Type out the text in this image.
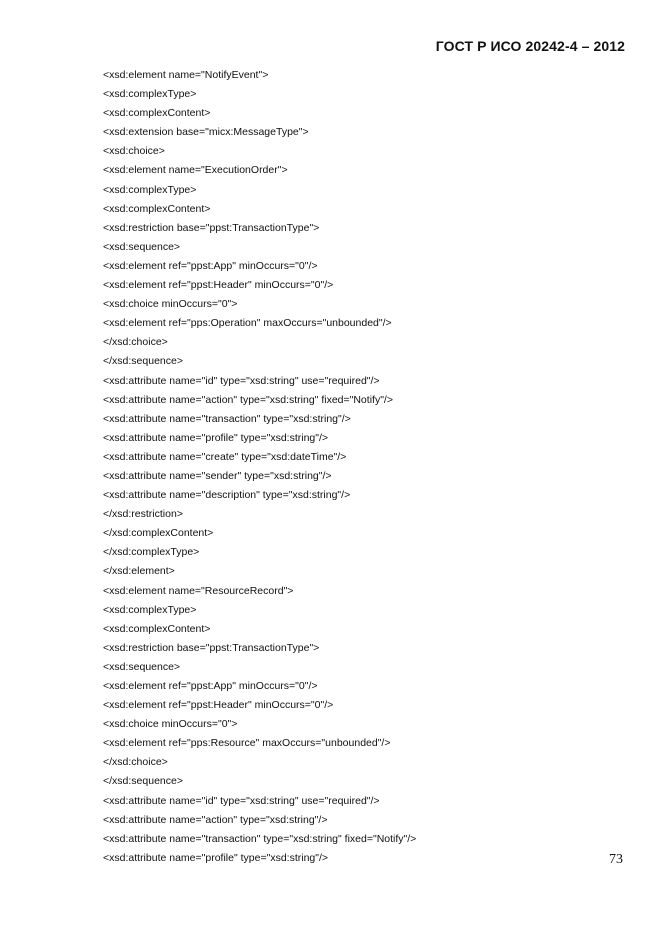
ГОСТ Р ИСО 20242-4 – 2012
<xsd:element name="NotifyEvent">
<xsd:complexType>
<xsd:complexContent>
<xsd:extension base="micx:MessageType">
<xsd:choice>
<xsd:element name="ExecutionOrder">
<xsd:complexType>
<xsd:complexContent>
<xsd:restriction base="ppst:TransactionType">
<xsd:sequence>
<xsd:element ref="ppst:App" minOccurs="0"/>
<xsd:element ref="ppst:Header" minOccurs="0"/>
<xsd:choice minOccurs="0">
<xsd:element ref="pps:Operation" maxOccurs="unbounded"/>
</xsd:choice>
</xsd:sequence>
<xsd:attribute name="id" type="xsd:string" use="required"/>
<xsd:attribute name="action" type="xsd:string" fixed="Notify"/>
<xsd:attribute name="transaction" type="xsd:string"/>
<xsd:attribute name="profile" type="xsd:string"/>
<xsd:attribute name="create" type="xsd:dateTime"/>
<xsd:attribute name="sender" type="xsd:string"/>
<xsd:attribute name="description" type="xsd:string"/>
</xsd:restriction>
</xsd:complexContent>
</xsd:complexType>
</xsd:element>
<xsd:element name="ResourceRecord">
<xsd:complexType>
<xsd:complexContent>
<xsd:restriction base="ppst:TransactionType">
<xsd:sequence>
<xsd:element ref="ppst:App" minOccurs="0"/>
<xsd:element ref="ppst:Header" minOccurs="0"/>
<xsd:choice minOccurs="0">
<xsd:element ref="pps:Resource" maxOccurs="unbounded"/>
</xsd:choice>
</xsd:sequence>
<xsd:attribute name="id" type="xsd:string" use="required"/>
<xsd:attribute name="action" type="xsd:string"/>
<xsd:attribute name="transaction" type="xsd:string" fixed="Notify"/>
<xsd:attribute name="profile" type="xsd:string"/>	73
